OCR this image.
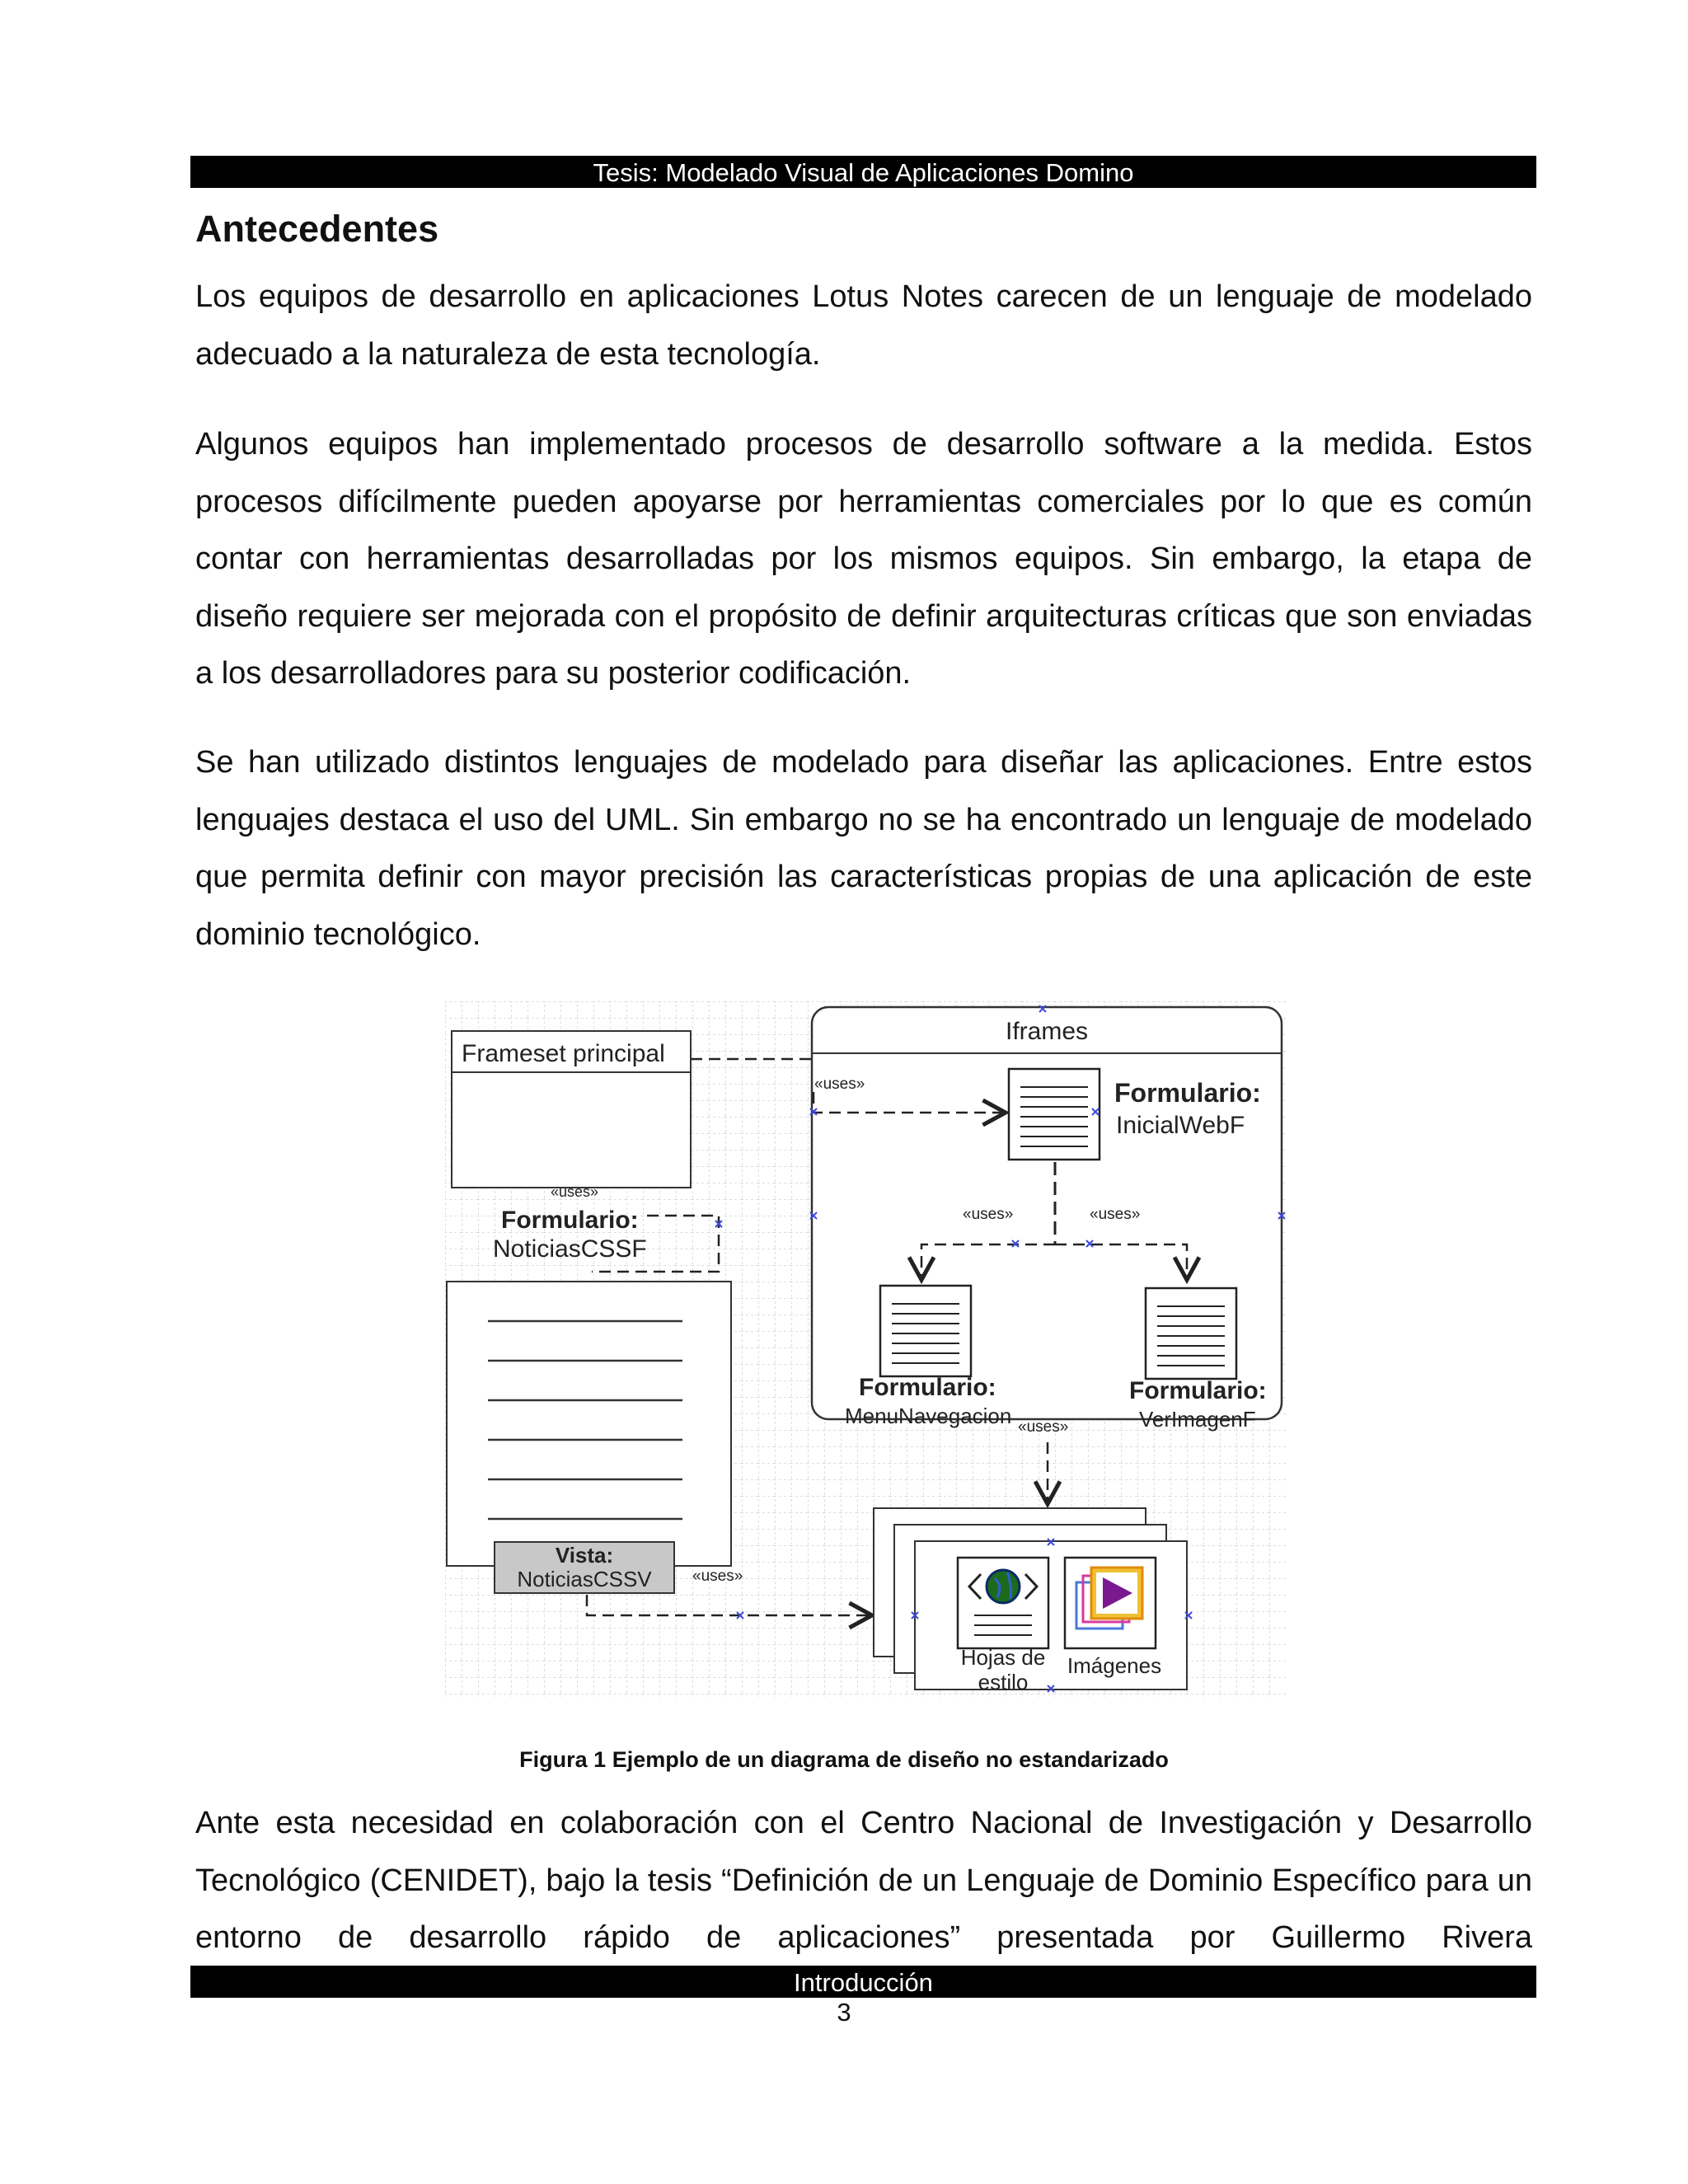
Tesis: Modelado Visual de Aplicaciones Domino
Antecedentes

Los equipos de desarrollo en aplicaciones Lotus Notes carecen de un lenguaje de modelado adecuado a la naturaleza de esta tecnología.

Algunos equipos han implementado procesos de desarrollo software a la medida. Estos procesos difícilmente pueden apoyarse por herramientas comerciales por lo que es común contar con herramientas desarrolladas por los mismos equipos. Sin embargo, la etapa de diseño requiere ser mejorada con el propósito de definir arquitecturas críticas que son enviadas a los desarrolladores para su posterior codificación.

Se han utilizado distintos lenguajes de modelado para diseñar las aplicaciones. Entre estos lenguajes destaca el uso del UML. Sin embargo no se ha encontrado un lenguaje de modelado que permita definir con mayor precisión las características propias de una aplicación de este dominio tecnológico.

Frameset principal
Iframes
«uses»	Formulario:
InicialWebF
«uses»	«uses»
Formulario:
MenuNavegacion
Formulario:
VerImagenF
«uses»
Formulario:
NoticiasCSSF
«uses»
Vista:
NoticiasCSSV	«uses»
Hojas de
estilo
Imágenes
Figura 1 Ejemplo de un diagrama de diseño no estandarizado

Ante esta necesidad en colaboración con el Centro Nacional de Investigación y Desarrollo Tecnológico (CENIDET), bajo la tesis “Definición de un Lenguaje de Dominio Específico para un entorno de desarrollo rápido de aplicaciones” presentada por Guillermo Rivera

Introducción
3
